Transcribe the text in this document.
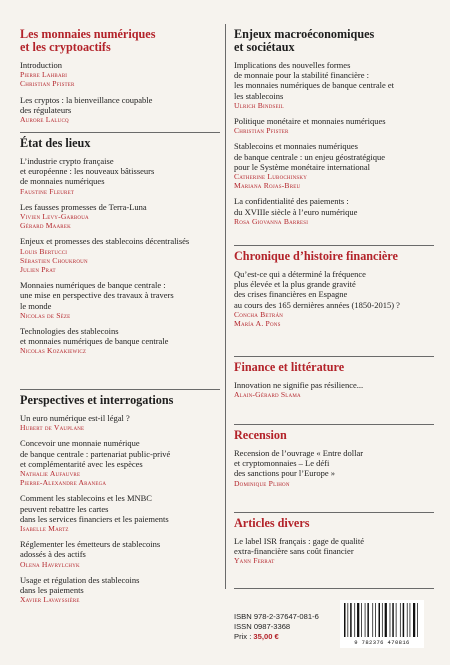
Les monnaies numériques
et les cryptoactifs
Introduction
Pierre Lahbabi
Christian Pfister
Les cryptos : la bienveillance coupable
des régulateurs
Aurore Lalucq
État des lieux
L’industrie crypto française
et européenne : les nouveaux bâtisseurs
de monnaies numériques
Faustine Fleuret
Les fausses promesses de Terra-Luna
Vivien Levy-Garboua
Gérard Maarek
Enjeux et promesses des stablecoins décentralisés
Louis Bertucci
Sébastien Choukroun
Julien Prat
Monnaies numériques de banque centrale :
une mise en perspective des travaux à travers
le monde
Nicolas de Sèze
Technologies des stablecoins
et monnaies numériques de banque centrale
Nicolas Kozakiewicz
Perspectives et interrogations
Un euro numérique est-il légal ?
Hubert de Vauplane
Concevoir une monnaie numérique
de banque centrale : partenariat public-privé
et complémentarité avec les espèces
Nathalie Aufauvre
Pierre-Alexandre Aranega
Comment les stablecoins et les MNBC
peuvent rebattre les cartes
dans les services financiers et les paiements
Isabelle Martz
Réglementer les émetteurs de stablecoins
adossés à des actifs
Olena Havrylchyk
Usage et régulation des stablecoins
dans les paiements
Xavier Lavayssière
Enjeux macroéconomiques
et sociétaux
Implications des nouvelles formes
de monnaie pour la stabilité financière :
les monnaies numériques de banque centrale et
les stablecoins
Ulrich Bindseil
Politique monétaire et monnaies numériques
Christian Pfister
Stablecoins et monnaies numériques
de banque centrale : un enjeu géostratégique
pour le Système monétaire international
Catherine Lubochinsky
Mariana Rojas-Breu
La confidentialité des paiements :
du XVIIIe siècle à l’euro numérique
Rosa Giovanna Barresi
Chronique d’histoire financière
Qu’est-ce qui a déterminé la fréquence
plus élevée et la plus grande gravité
des crises financières en Espagne
au cours des 165 dernières années (1850-2015) ?
Concha Betrán
María A. Pons
Finance et littérature
Innovation ne signifie pas résilience...
Alain-Gérard Slama
Recension
Recension de l’ouvrage « Entre dollar
et cryptomonnaies – Le défi
des sanctions pour l’Europe »
Dominique Plihon
Articles divers
Le label ISR français : gage de qualité
extra-financière sans coût financier
Yann Ferrat
ISBN 978-2-37647-081-6
ISSN 0987-3368
Prix : 35,00 €
9 782376 470816
